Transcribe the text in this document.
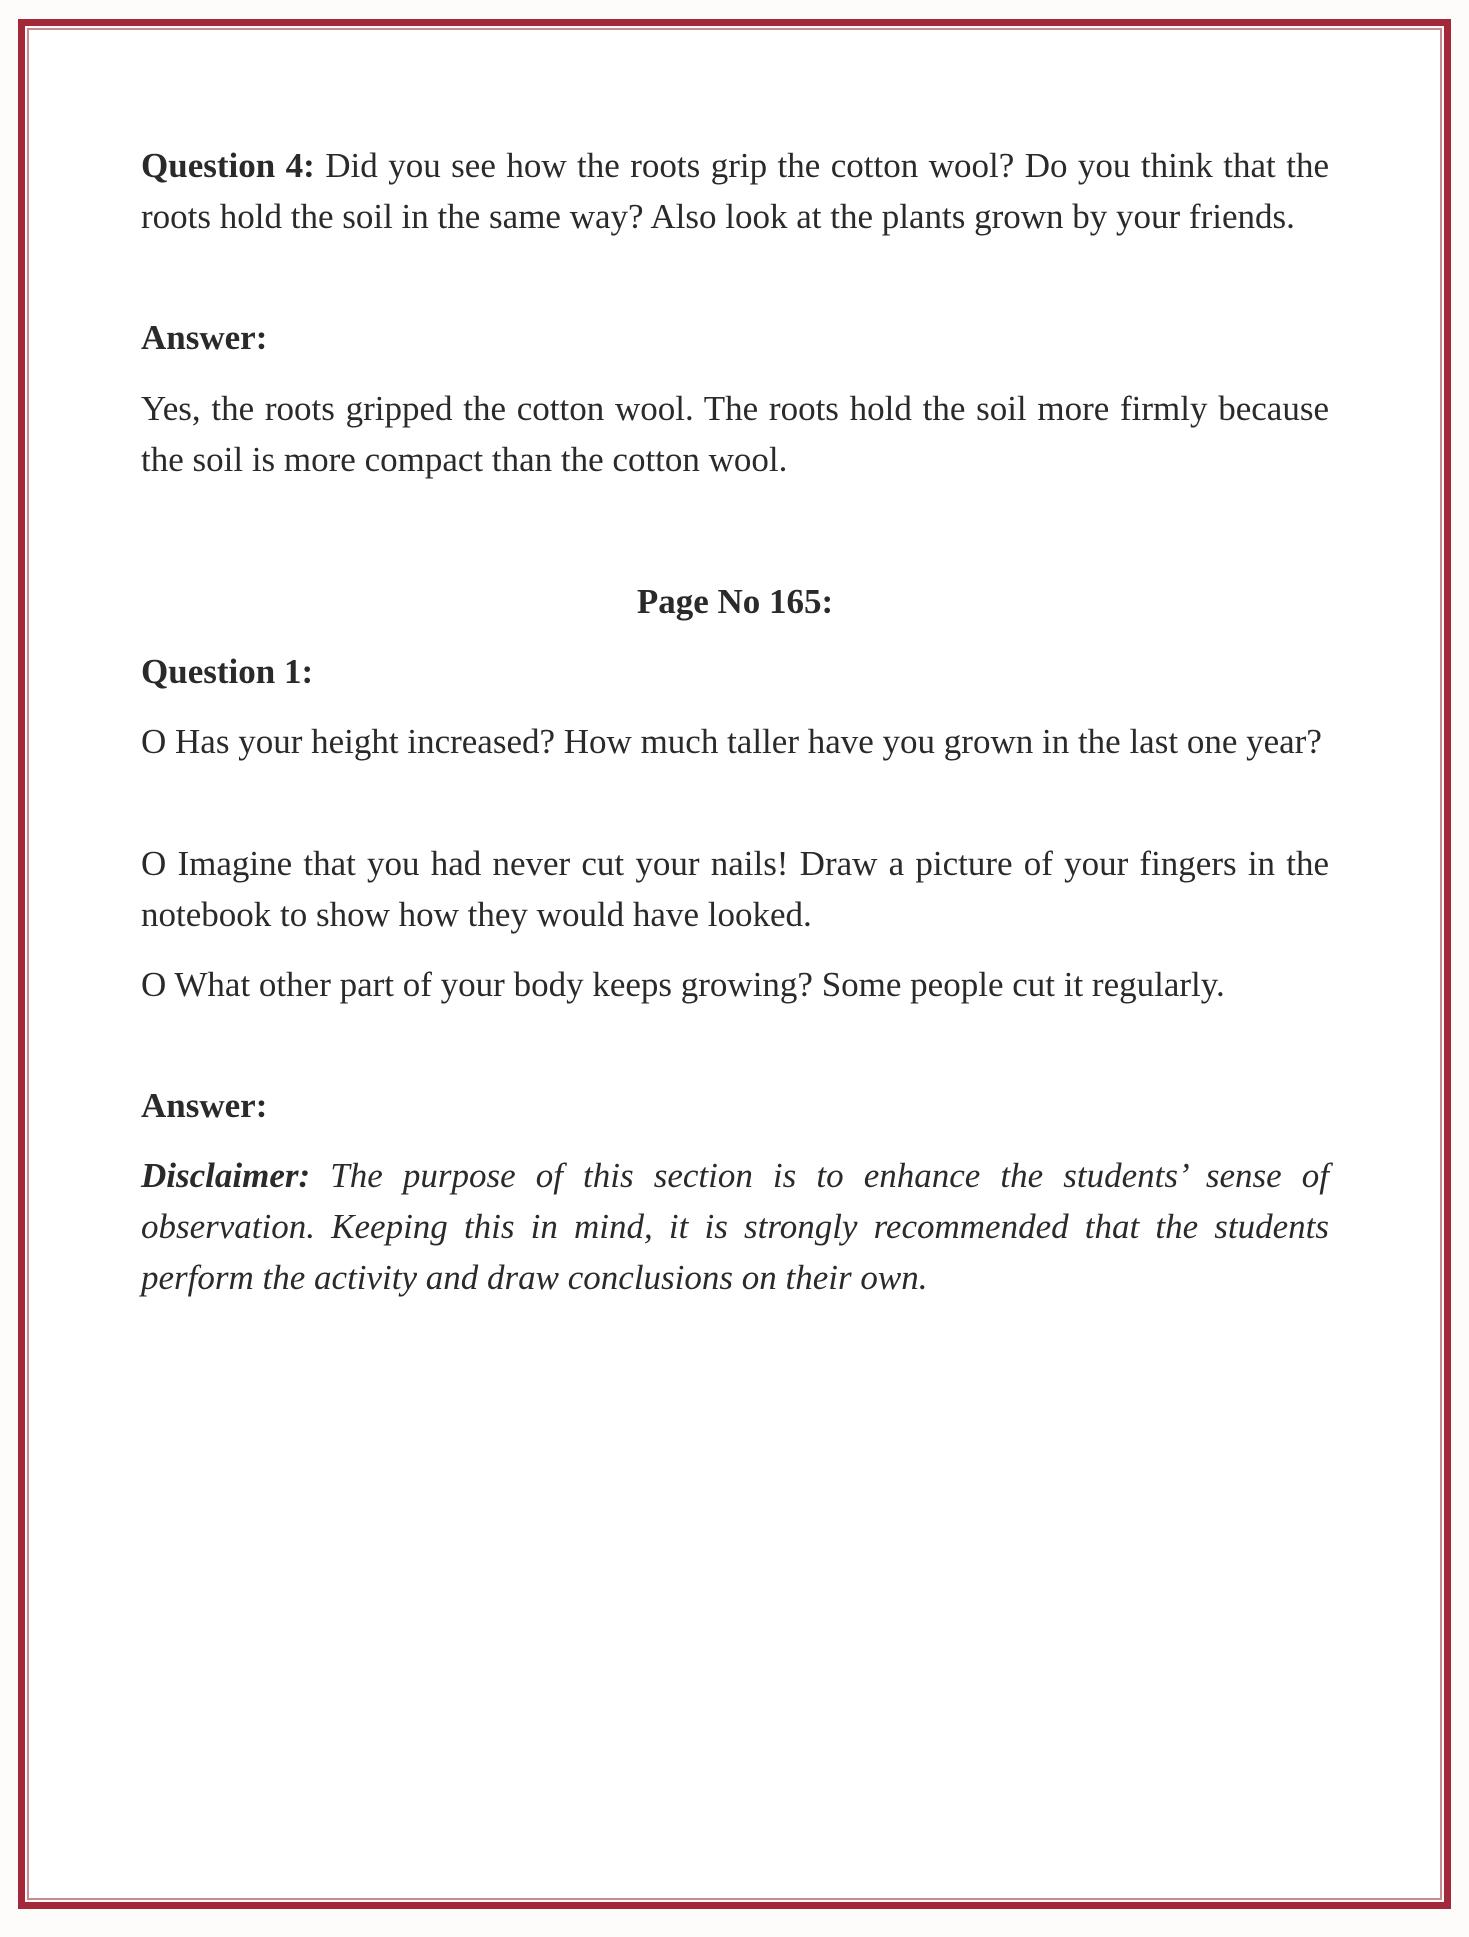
Question 4: Did you see how the roots grip the cotton wool? Do you think that the roots hold the soil in the same way? Also look at the plants grown by your friends.

Answer:
Yes, the roots gripped the cotton wool. The roots hold the soil more firmly because the soil is more compact than the cotton wool.
Page No 165:
Question 1:
O Has your height increased? How much taller have you grown in the last one year?
O Imagine that you had never cut your nails! Draw a picture of your fingers in the notebook to show how they would have looked.
O What other part of your body keeps growing? Some people cut it regularly.
Answer:

Disclaimer: The purpose of this section is to enhance the students’ sense of observation. Keeping this in mind, it is strongly recommended that the students perform the activity and draw conclusions on their own.
